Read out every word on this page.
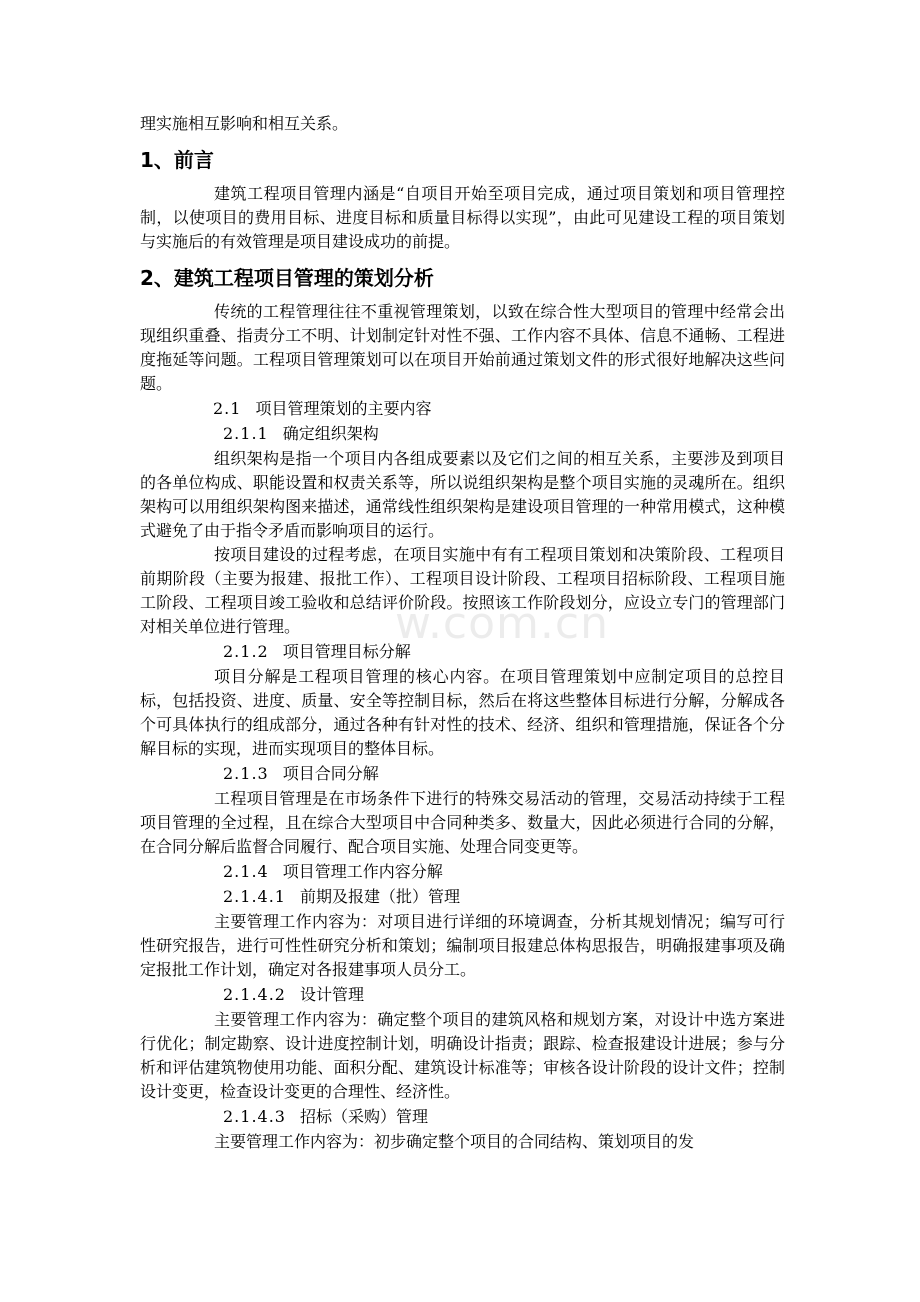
理实施相互影响和相互关系。

1、前言

建筑工程项目管理内涵是“自项目开始至项目完成，通过项目策划和项目管理控制，以使项目的费用目标、进度目标和质量目标得以实现”，由此可见建设工程的项目策划与实施后的有效管理是项目建设成功的前提。

2、建筑工程项目管理的策划分析

传统的工程管理往往不重视管理策划，以致在综合性大型项目的管理中经常会出现组织重叠、指责分工不明、计划制定针对性不强、工作内容不具体、信息不通畅、工程进度拖延等问题。工程项目管理策划可以在项目开始前通过策划文件的形式很好地解决这些问题。

2.1 项目管理策划的主要内容
2.1.1 确定组织架构

组织架构是指一个项目内各组成要素以及它们之间的相互关系，主要涉及到项目的各单位构成、职能设置和权责关系等，所以说组织架构是整个项目实施的灵魂所在。组织架构可以用组织架构图来描述，通常线性组织架构是建设项目管理的一种常用模式，这种模式避免了由于指令矛盾而影响项目的运行。

按项目建设的过程考虑，在项目实施中有有工程项目策划和决策阶段、工程项目前期阶段（主要为报建、报批工作）、工程项目设计阶段、工程项目招标阶段、工程项目施工阶段、工程项目竣工验收和总结评价阶段。按照该工作阶段划分，应设立专门的管理部门对相关单位进行管理。

2.1.2 项目管理目标分解

项目分解是工程项目管理的核心内容。在项目管理策划中应制定项目的总控目标，包括投资、进度、质量、安全等控制目标，然后在将这些整体目标进行分解，分解成各个可具体执行的组成部分，通过各种有针对性的技术、经济、组织和管理措施，保证各个分解目标的实现，进而实现项目的整体目标。

2.1.3 项目合同分解

工程项目管理是在市场条件下进行的特殊交易活动的管理，交易活动持续于工程项目管理的全过程，且在综合大型项目中合同种类多、数量大，因此必须进行合同的分解，在合同分解后监督合同履行、配合项目实施、处理合同变更等。

2.1.4 项目管理工作内容分解
2.1.4.1 前期及报建（批）管理

主要管理工作内容为：对项目进行详细的环境调查，分析其规划情况；编写可行性研究报告，进行可性性研究分析和策划；编制项目报建总体构思报告，明确报建事项及确定报批工作计划，确定对各报建事项人员分工。

2.1.4.2 设计管理

主要管理工作内容为：确定整个项目的建筑风格和规划方案，对设计中选方案进行优化；制定勘察、设计进度控制计划，明确设计指责；跟踪、检查报建设计进展；参与分析和评估建筑物使用功能、面积分配、建筑设计标准等；审核各设计阶段的设计文件；控制设计变更，检查设计变更的合理性、经济性。

2.1.4.3 招标（采购）管理

主要管理工作内容为：初步确定整个项目的合同结构、策划项目的发

w.com.cn
